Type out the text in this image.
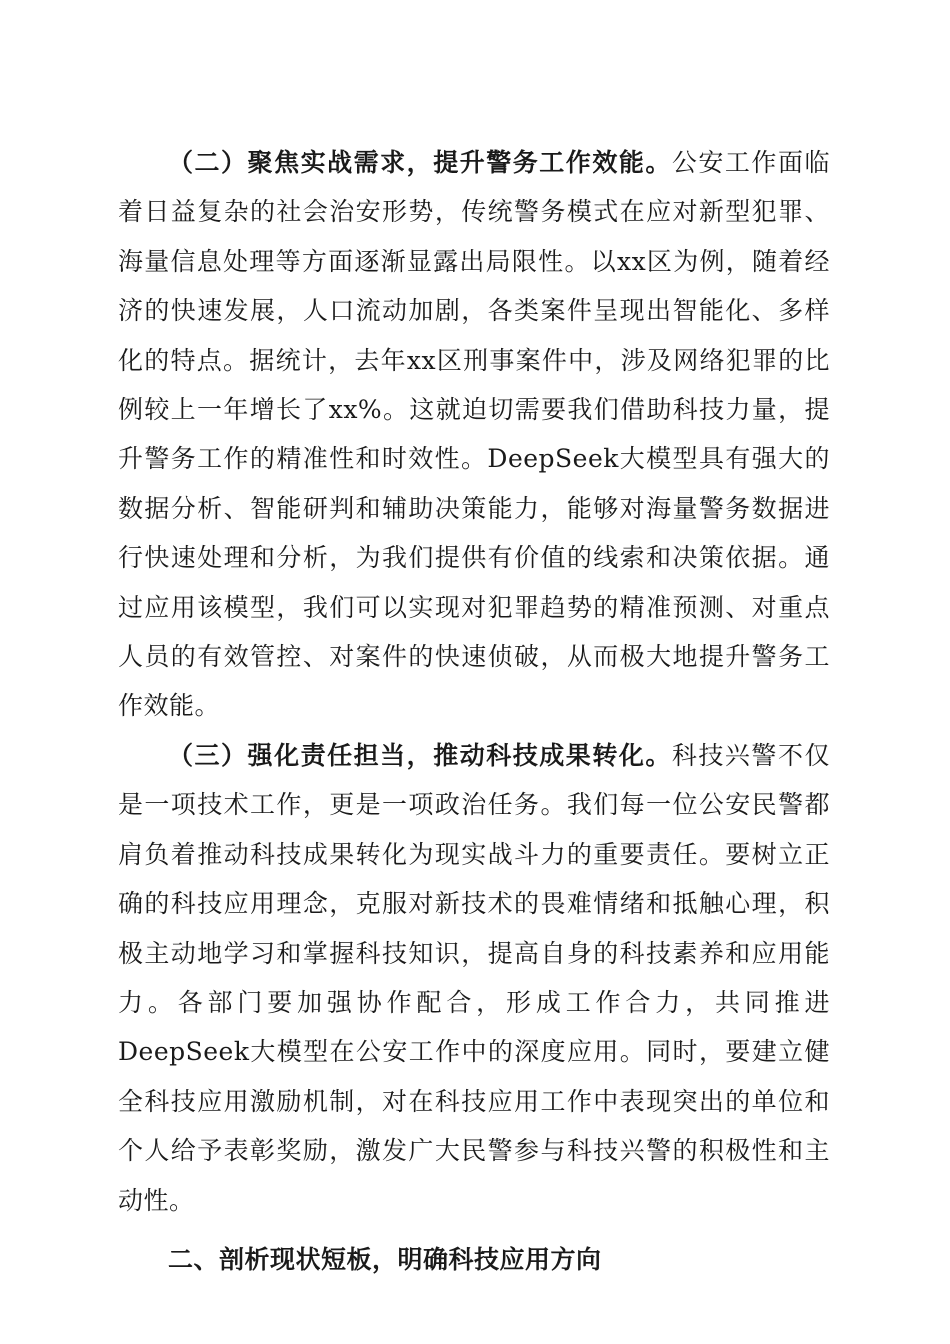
（二）聚焦实战需求，提升警务工作效能。公安工作面临着日益复杂的社会治安形势，传统警务模式在应对新型犯罪、海量信息处理等方面逐渐显露出局限性。以xx区为例，随着经济的快速发展，人口流动加剧，各类案件呈现出智能化、多样化的特点。据统计，去年xx区刑事案件中，涉及网络犯罪的比例较上一年增长了xx%。这就迫切需要我们借助科技力量，提升警务工作的精准性和时效性。DeepSeek大模型具有强大的数据分析、智能研判和辅助决策能力，能够对海量警务数据进行快速处理和分析，为我们提供有价值的线索和决策依据。通过应用该模型，我们可以实现对犯罪趋势的精准预测、对重点人员的有效管控、对案件的快速侦破，从而极大地提升警务工作效能。

（三）强化责任担当，推动科技成果转化。科技兴警不仅是一项技术工作，更是一项政治任务。我们每一位公安民警都肩负着推动科技成果转化为现实战斗力的重要责任。要树立正确的科技应用理念，克服对新技术的畏难情绪和抵触心理，积极主动地学习和掌握科技知识，提高自身的科技素养和应用能力。各部门要加强协作配合，形成工作合力，共同推进DeepSeek大模型在公安工作中的深度应用。同时，要建立健全科技应用激励机制，对在科技应用工作中表现突出的单位和个人给予表彰奖励，激发广大民警参与科技兴警的积极性和主动性。

二、剖析现状短板，明确科技应用方向
